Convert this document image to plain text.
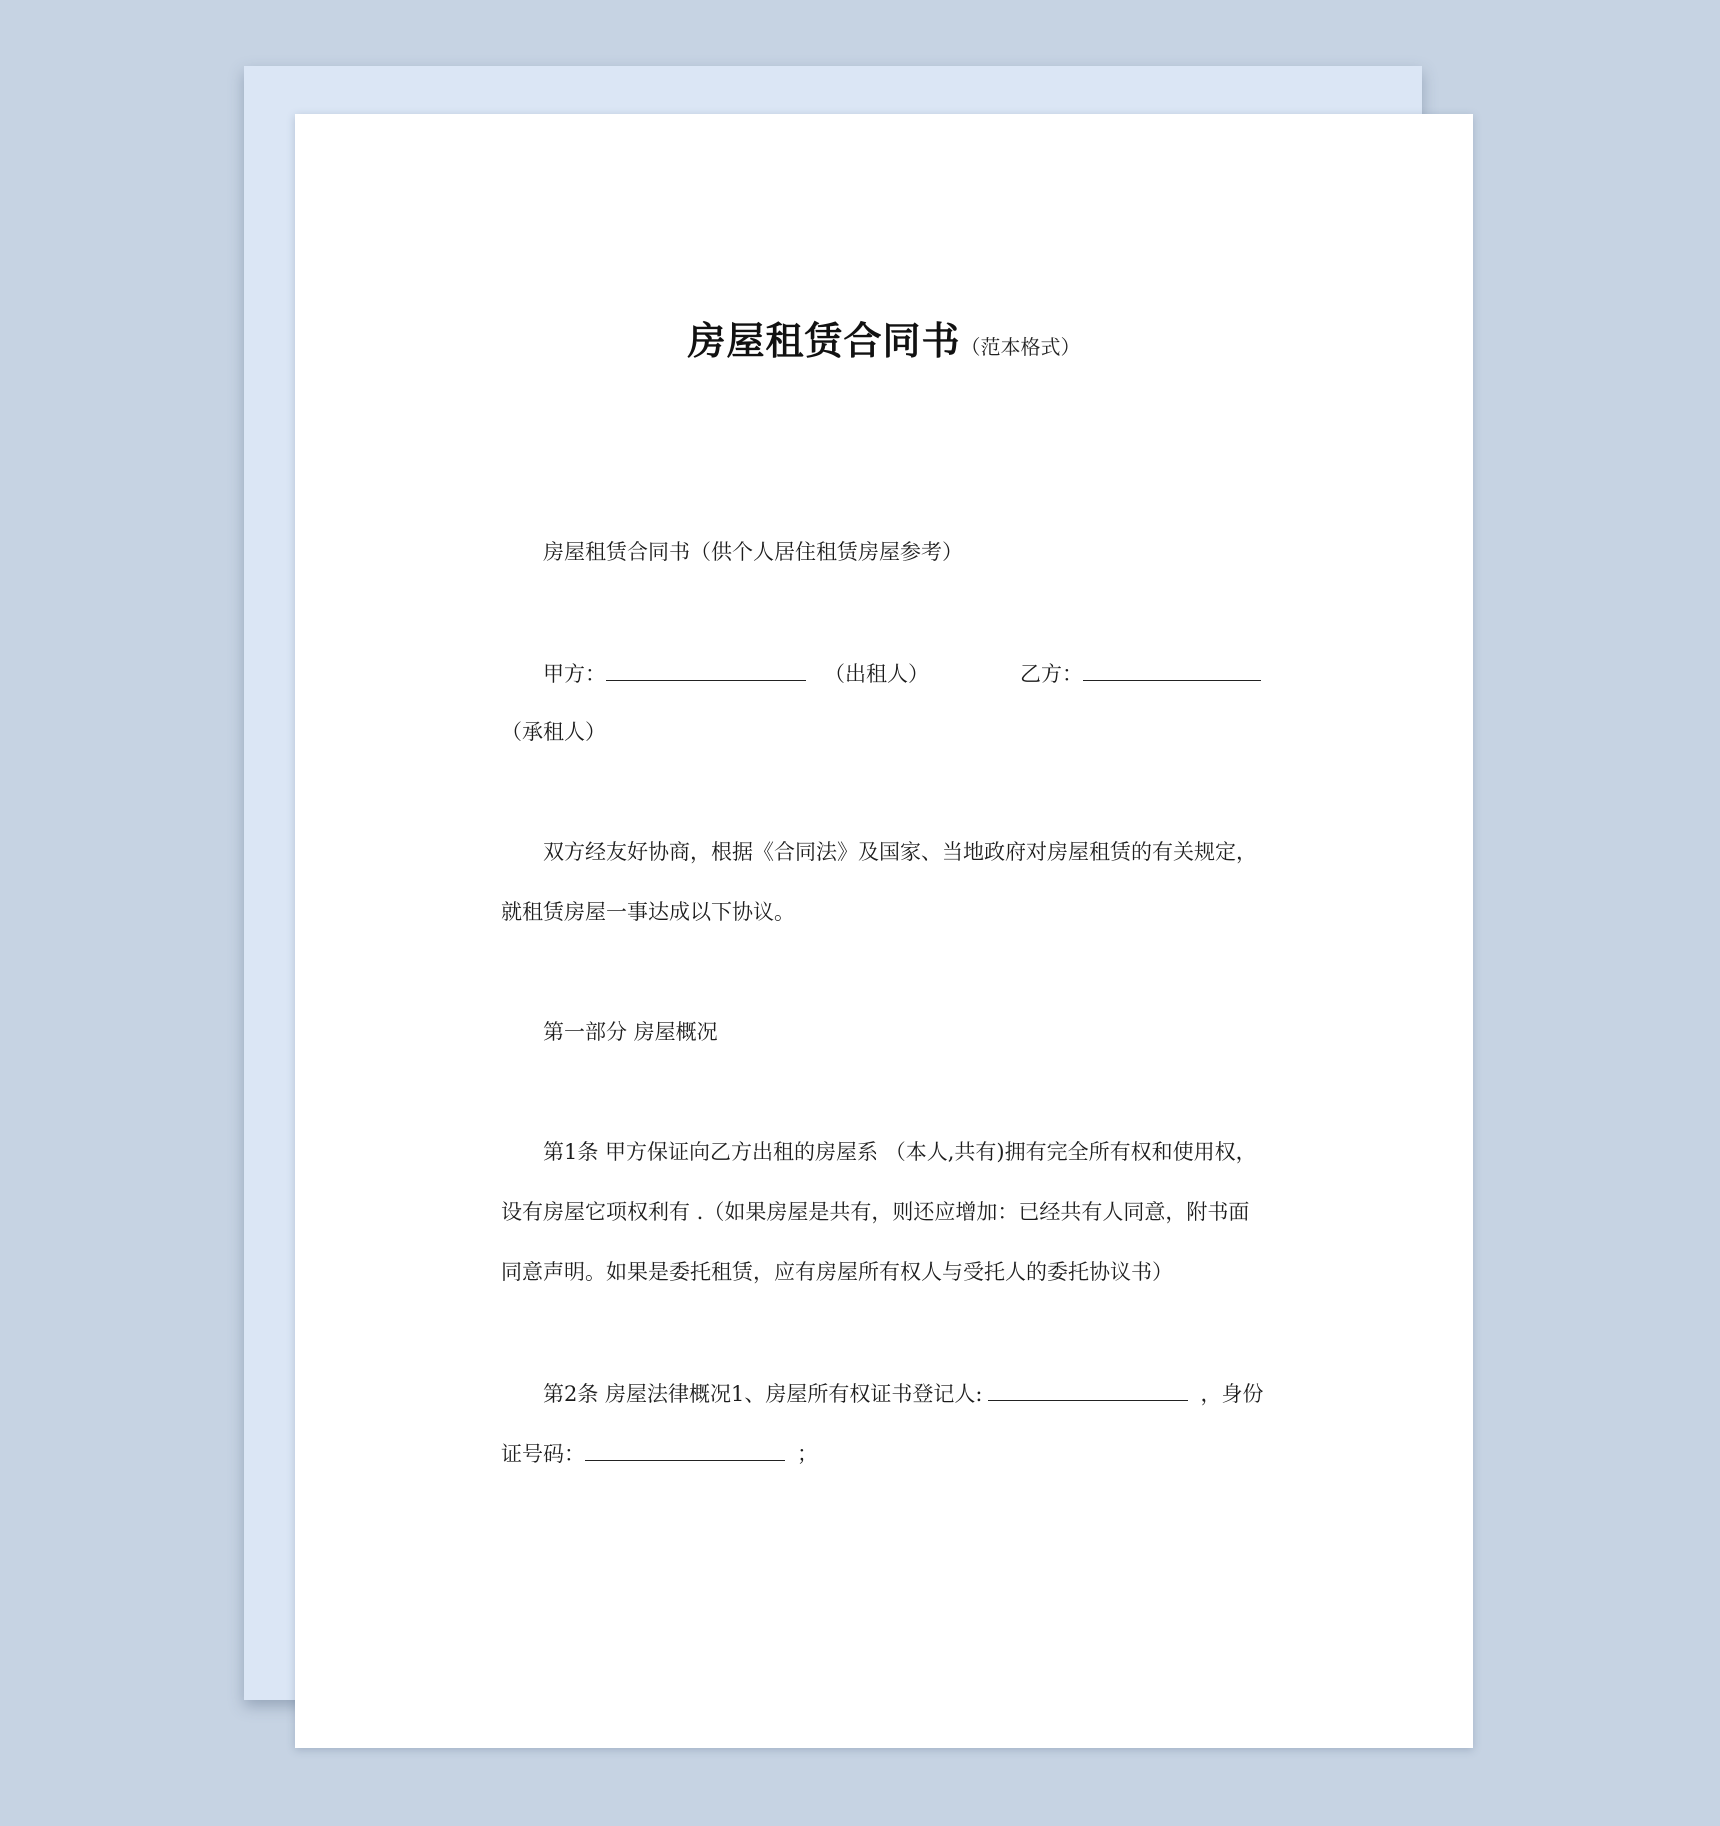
房屋租赁合同书（范本格式）
房屋租赁合同书（供个人居住租赁房屋参考）
甲方：	（出租人）	乙方：
（承租人）
双方经友好协商，根据《合同法》及国家、当地政府对房屋租赁的有关规定，
就租赁房屋一事达成以下协议。
第一部分 房屋概况
第1条 甲方保证向乙方出租的房屋系 （本人,共有)拥有完全所有权和使用权，
设有房屋它项权利有 .（如果房屋是共有，则还应增加：已经共有人同意，附书面
同意声明。如果是委托租赁，应有房屋所有权人与受托人的委托协议书）
第2条 房屋法律概况1、房屋所有权证书登记人:	，身份
证号码：	；
